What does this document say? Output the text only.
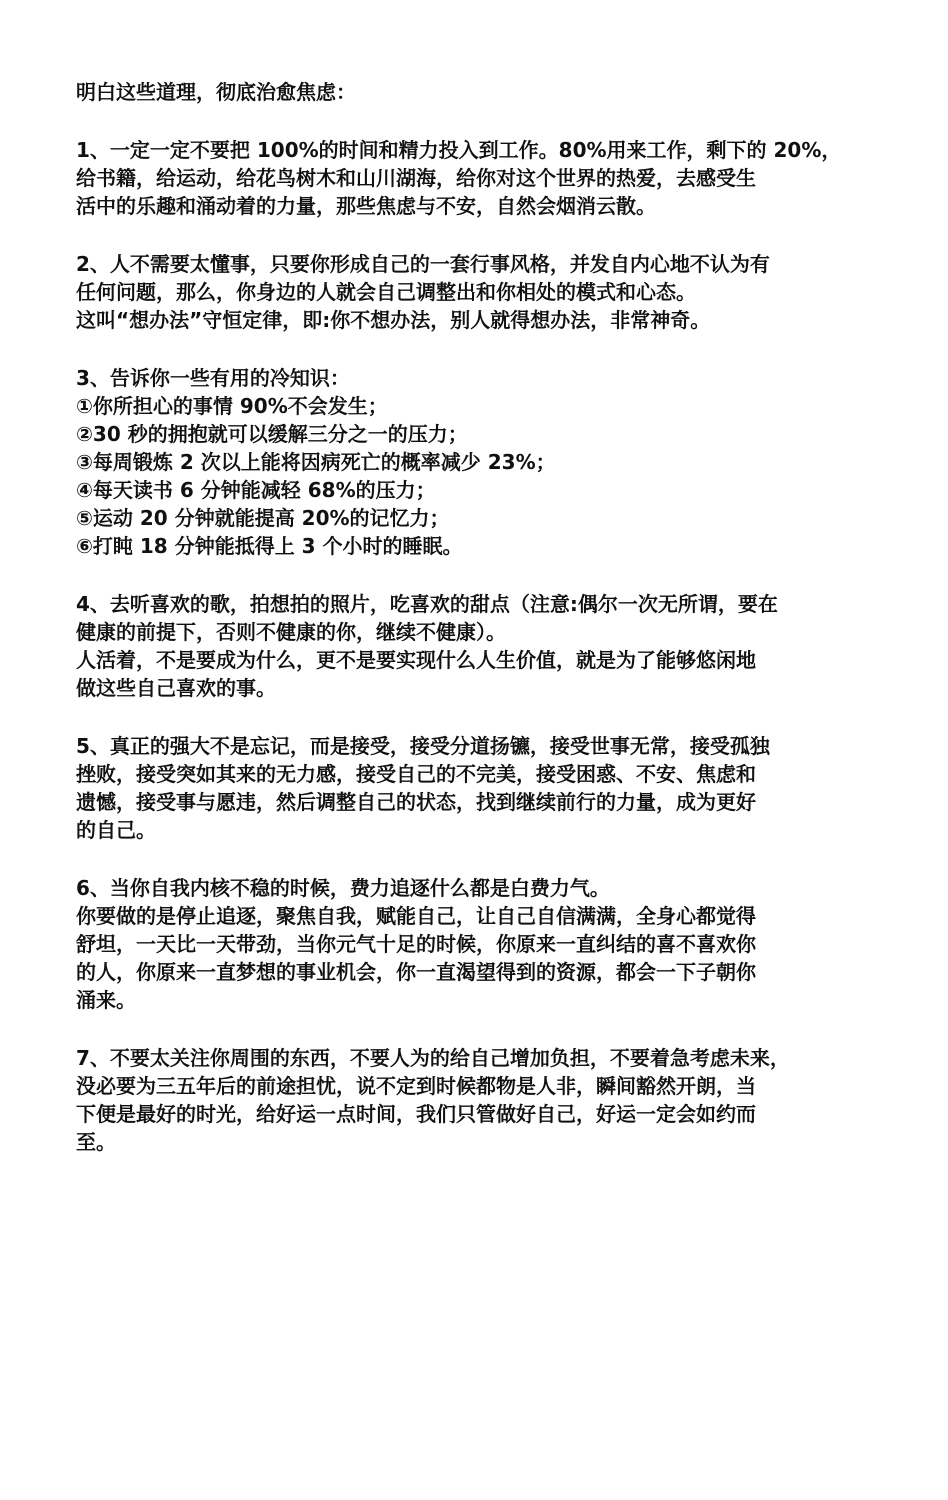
明白这些道理，彻底治愈焦虑：

1、一定一定不要把 100%的时间和精力投入到工作。80%用来工作，剩下的 20%，

给书籍，给运动，给花鸟树木和山川湖海，给你对这个世界的热爱，去感受生

活中的乐趣和涌动着的力量，那些焦虑与不安，自然会烟消云散。

2、人不需要太懂事，只要你形成自己的一套行事风格，并发自内心地不认为有

任何问题，那么，你身边的人就会自己调整出和你相处的模式和心态。

这叫“想办法”守恒定律，即:你不想办法，别人就得想办法，非常神奇。

3、告诉你一些有用的冷知识：

①你所担心的事情 90%不会发生；

②30 秒的拥抱就可以缓解三分之一的压力；

③每周锻炼 2 次以上能将因病死亡的概率减少 23%；

④每天读书 6 分钟能减轻 68%的压力；

⑤运动 20 分钟就能提高 20%的记忆力；

⑥打盹 18 分钟能抵得上 3 个小时的睡眠。

4、去听喜欢的歌，拍想拍的照片，吃喜欢的甜点（注意:偶尔一次无所谓，要在

健康的前提下，否则不健康的你，继续不健康）。

人活着，不是要成为什么，更不是要实现什么人生价值，就是为了能够悠闲地

做这些自己喜欢的事。

5、真正的强大不是忘记，而是接受，接受分道扬镳，接受世事无常，接受孤独

挫败，接受突如其来的无力感，接受自己的不完美，接受困惑、不安、焦虑和

遗憾，接受事与愿违，然后调整自己的状态，找到继续前行的力量，成为更好

的自己。

6、当你自我内核不稳的时候，费力追逐什么都是白费力气。

你要做的是停止追逐，聚焦自我，赋能自己，让自己自信满满，全身心都觉得

舒坦，一天比一天带劲，当你元气十足的时候，你原来一直纠结的喜不喜欢你

的人，你原来一直梦想的事业机会，你一直渴望得到的资源，都会一下子朝你

涌来。

7、不要太关注你周围的东西，不要人为的给自己增加负担，不要着急考虑未来，

没必要为三五年后的前途担忧，说不定到时候都物是人非，瞬间豁然开朗，当

下便是最好的时光，给好运一点时间，我们只管做好自己，好运一定会如约而

至。
